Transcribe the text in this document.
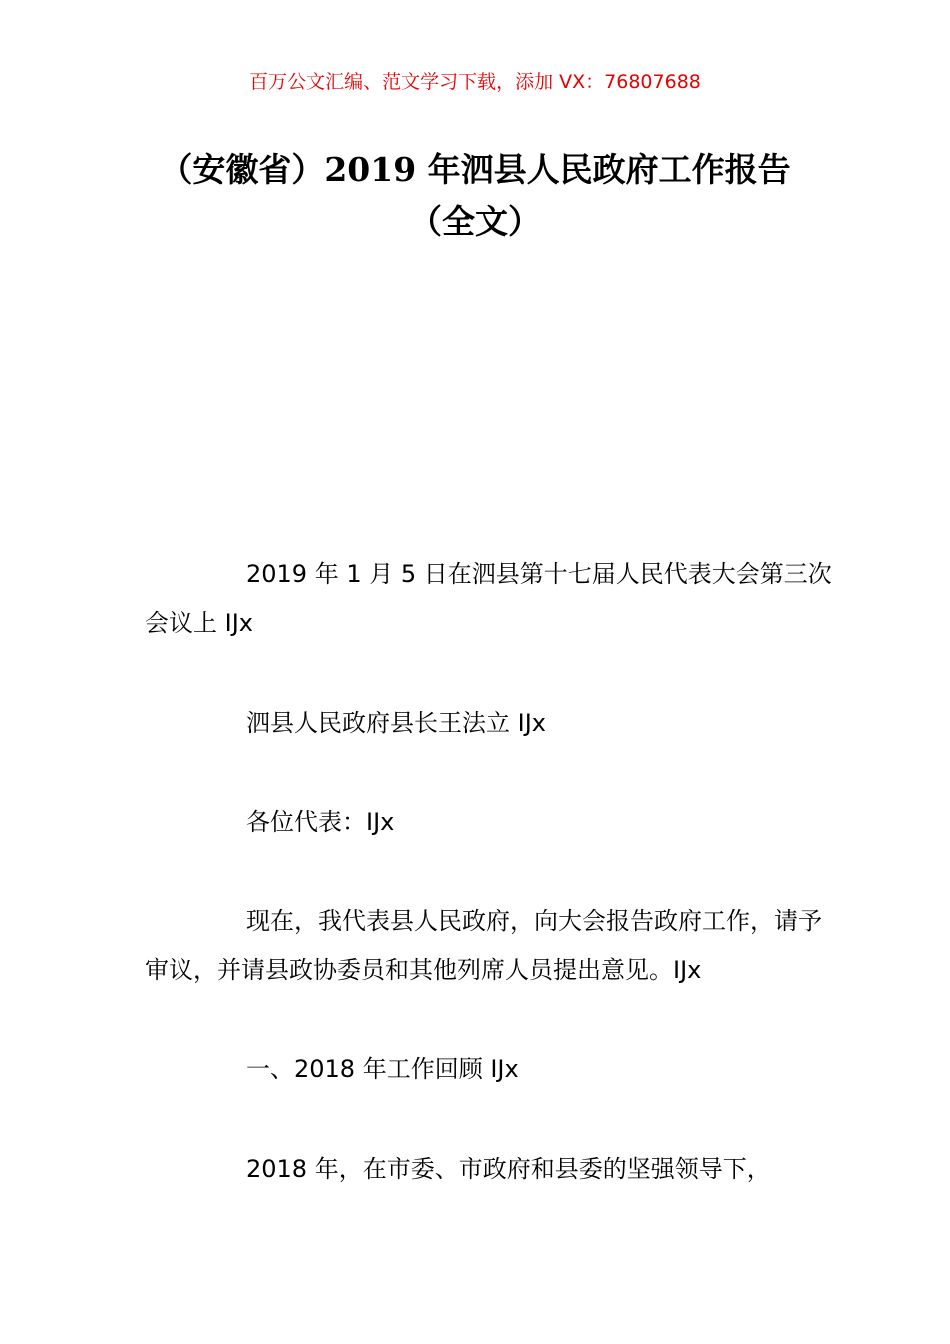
百万公文汇编、范文学习下载，添加 VX：76807688
（安徽省）2019 年泗县人民政府工作报告
（全文）

2019 年 1 月 5 日在泗县第十七届人民代表大会第三次会议上 IJx

泗县人民政府县长王法立 IJx

各位代表：IJx

现在，我代表县人民政府，向大会报告政府工作，请予审议，并请县政协委员和其他列席人员提出意见。IJx

一、2018 年工作回顾 IJx

2018 年，在市委、市政府和县委的坚强领导下，
